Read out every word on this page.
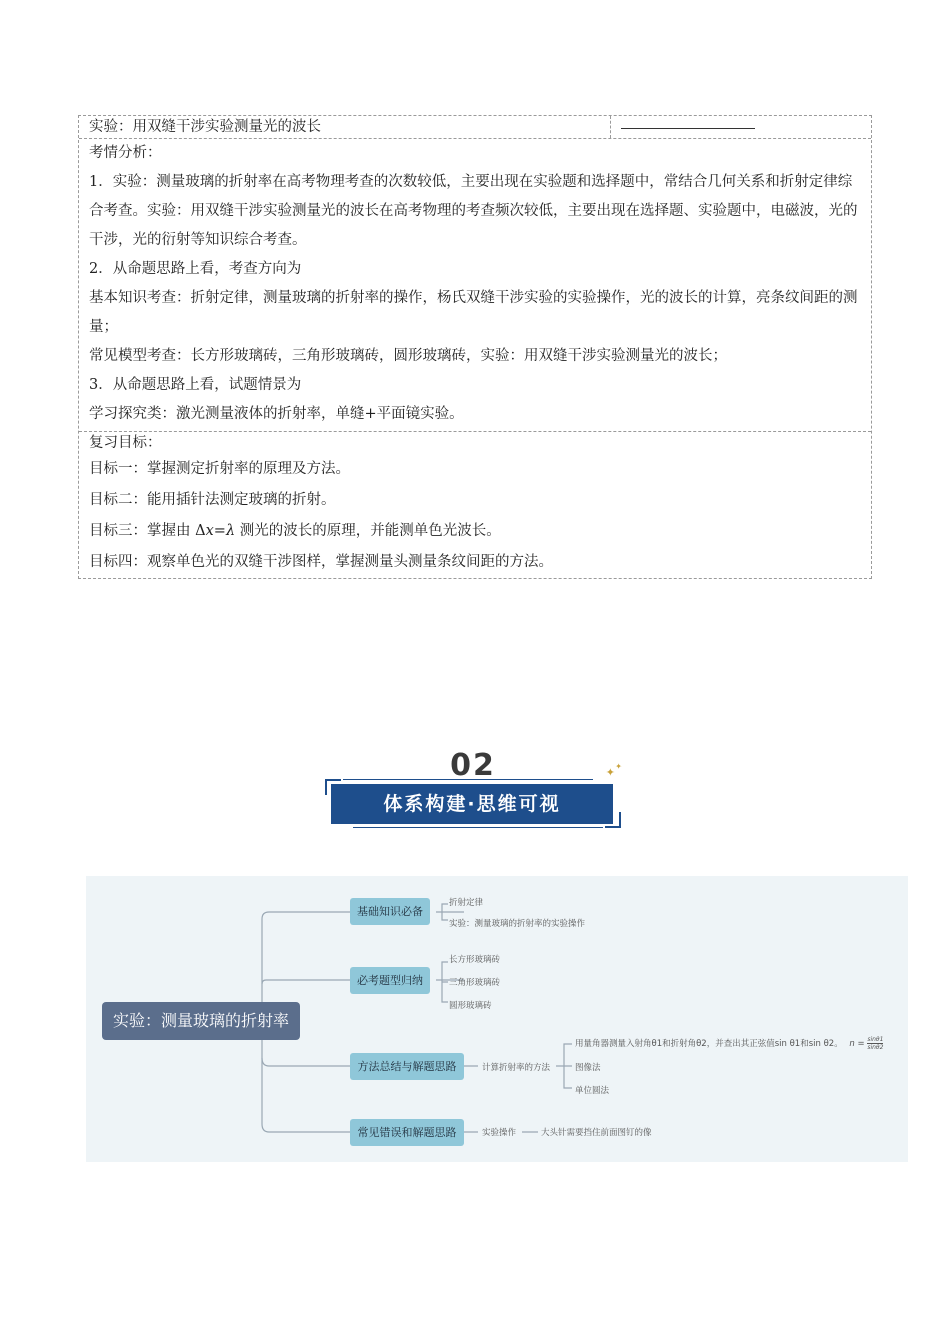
实验：用双缝干涉实验测量光的波长

考情分析：

1．实验：测量玻璃的折射率在高考物理考查的次数较低，主要出现在实验题和选择题中，常结合几何关系和折射定律综合考查。实验：用双缝干涉实验测量光的波长在高考物理的考查频次较低，主要出现在选择题、实验题中，电磁波，光的干涉，光的衍射等知识综合考查。

2．从命题思路上看，考查方向为

基本知识考查：折射定律，测量玻璃的折射率的操作，杨氏双缝干涉实验的实验操作，光的波长的计算，亮条纹间距的测量；

常见模型考查：长方形玻璃砖，三角形玻璃砖，圆形玻璃砖，实验：用双缝干涉实验测量光的波长；

3．从命题思路上看，试题情景为

学习探究类：激光测量液体的折射率，单缝+平面镜实验。

复习目标：

目标一：掌握测定折射率的原理及方法。

目标二：能用插针法测定玻璃的折射。

目标三：掌握由 Δx=λ 测光的波长的原理，并能测单色光波长。

目标四：观察单色光的双缝干涉图样，掌握测量头测量条纹间距的方法。

02
体系构建·思维可视
✦ ✦
实验：测量玻璃的折射率
基础知识必备
折射定律
实验：测量玻璃的折射率的实验操作
必考题型归纳
长方形玻璃砖
三角形玻璃砖
圆形玻璃砖
方法总结与解题思路	计算折射率的方法
用量角器测量入射角θ1和折射角θ2，并查出其正弦值sin θ1和sin θ2。 $n = \frac{\sin\theta 1}{\sin\theta 2}$
图像法
单位圆法
常见错误和解题思路	实验操作	大头针需要挡住前面图钉的像
